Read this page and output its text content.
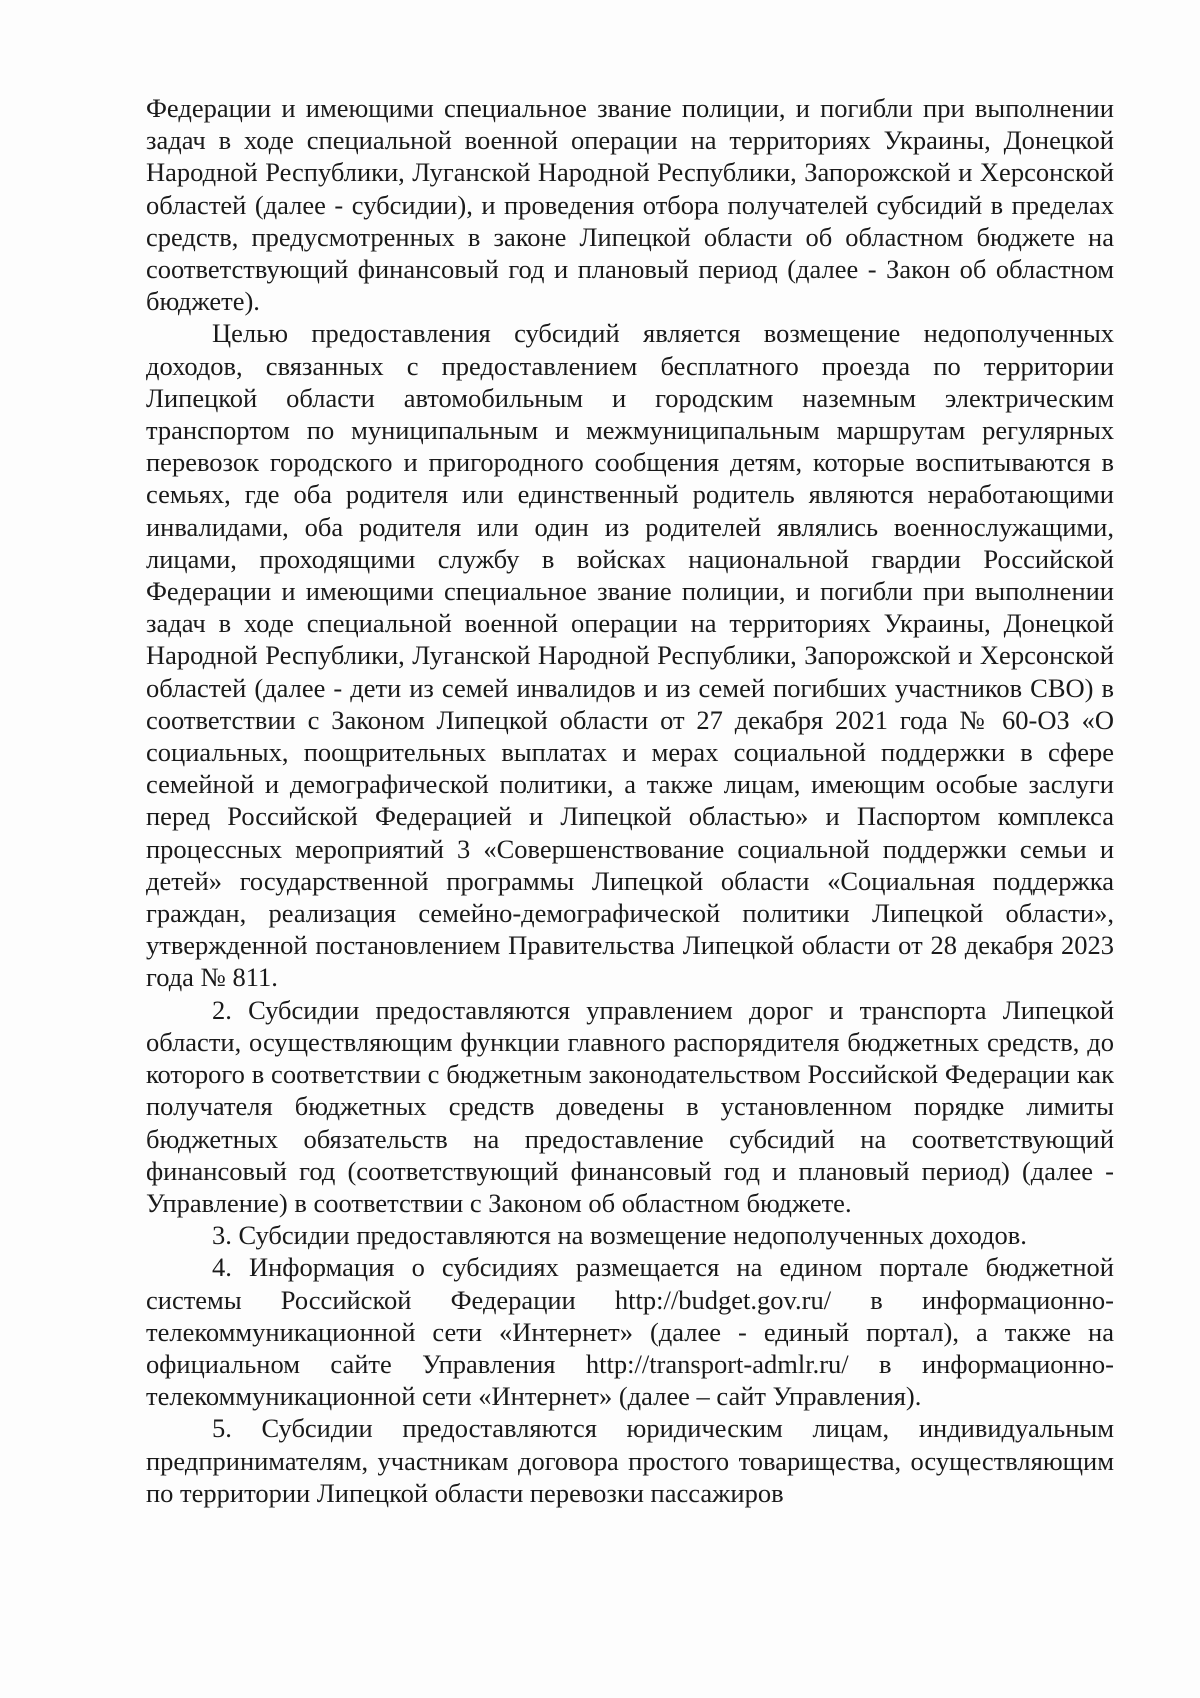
Федерации и имеющими специальное звание полиции, и погибли при выполнении задач в ходе специальной военной операции на территориях Украины, Донецкой Народной Республики, Луганской Народной Республики, Запорожской и Херсонской областей (далее - субсидии), и проведения отбора получателей субсидий в пределах средств, предусмотренных в законе Липецкой области об областном бюджете на соответствующий финансовый год и плановый период (далее - Закон об областном бюджете).

Целью предоставления субсидий является возмещение недополученных доходов, связанных с предоставлением бесплатного проезда по территории Липецкой области автомобильным и городским наземным электрическим транспортом по муниципальным и межмуниципальным маршрутам регулярных перевозок городского и пригородного сообщения детям, которые воспитываются в семьях, где оба родителя или единственный родитель являются неработающими инвалидами, оба родителя или один из родителей являлись военнослужащими, лицами, проходящими службу в войсках национальной гвардии Российской Федерации и имеющими специальное звание полиции, и погибли при выполнении задач в ходе специальной военной операции на территориях Украины, Донецкой Народной Республики, Луганской Народной Республики, Запорожской и Херсонской областей (далее - дети из семей инвалидов и из семей погибших участников СВО) в соответствии с Законом Липецкой области от 27 декабря 2021 года № 60-ОЗ «О социальных, поощрительных выплатах и мерах социальной поддержки в сфере семейной и демографической политики, а также лицам, имеющим особые заслуги перед Российской Федерацией и Липецкой областью» и Паспортом комплекса процессных мероприятий 3 «Совершенствование социальной поддержки семьи и детей» государственной программы Липецкой области «Социальная поддержка граждан, реализация семейно-демографической политики Липецкой области», утвержденной постановлением Правительства Липецкой области от 28 декабря 2023 года № 811.

2. Субсидии предоставляются управлением дорог и транспорта Липецкой области, осуществляющим функции главного распорядителя бюджетных средств, до которого в соответствии с бюджетным законодательством Российской Федерации как получателя бюджетных средств доведены в установленном порядке лимиты бюджетных обязательств на предоставление субсидий на соответствующий финансовый год (соответствующий финансовый год и плановый период) (далее - Управление) в соответствии с Законом об областном бюджете.

3. Субсидии предоставляются на возмещение недополученных доходов.

4. Информация о субсидиях размещается на едином портале бюджетной системы Российской Федерации http://budget.gov.ru/ в информационно-телекоммуникационной сети «Интернет» (далее - единый портал), а также на официальном сайте Управления http://transport-admlr.ru/ в информационно-телекоммуникационной сети «Интернет» (далее – сайт Управления).

5. Субсидии предоставляются юридическим лицам, индивидуальным предпринимателям, участникам договора простого товарищества, осуществляющим по территории Липецкой области перевозки пассажиров
